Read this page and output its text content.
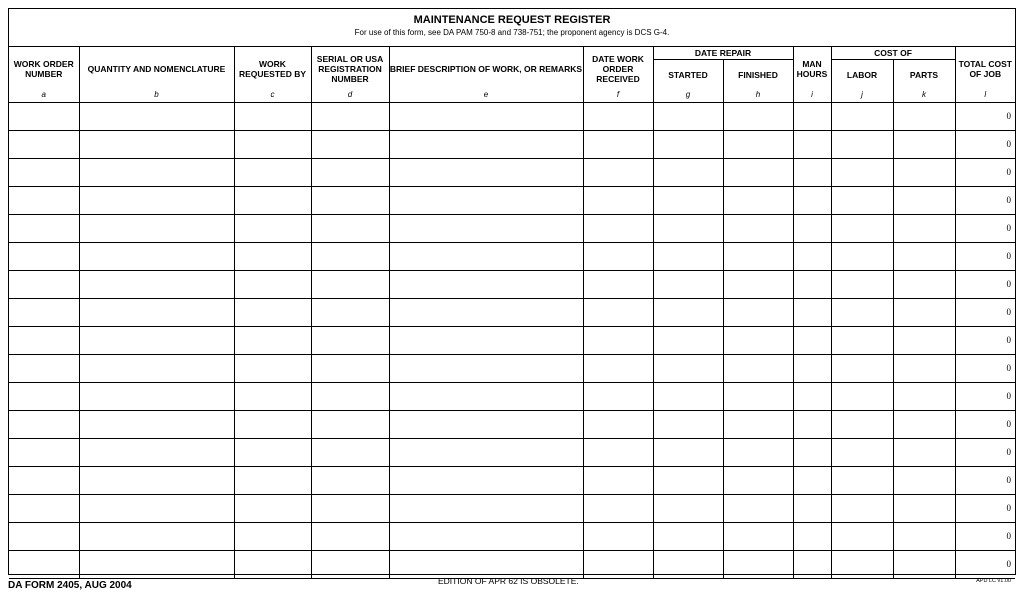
MAINTENANCE REQUEST REGISTER
For use of this form, see DA PAM 750-8 and 738-751; the proponent agency is DCS G-4.
WORK ORDER NUMBER	QUANTITY AND NOMENCLATURE	WORK REQUESTED BY	SERIAL OR USA REGISTRATION NUMBER	BRIEF DESCRIPTION OF WORK, OR REMARKS	DATE WORK ORDER RECEIVED	DATE REPAIR		MAN HOURS	COST OF		TOTAL COST OF JOB
						STARTED	FINISHED		LABOR	PARTS	
a	b	c	d	e	f	g	h	i	j	k	l
											0
											0
											0
											0
											0
											0
											0
											0
											0
											0
											0
											0
											0
											0
											0
											0
											0
DA FORM 2405, AUG 2004	EDITION OF APR 62 IS OBSOLETE.	APD LC v1.00
